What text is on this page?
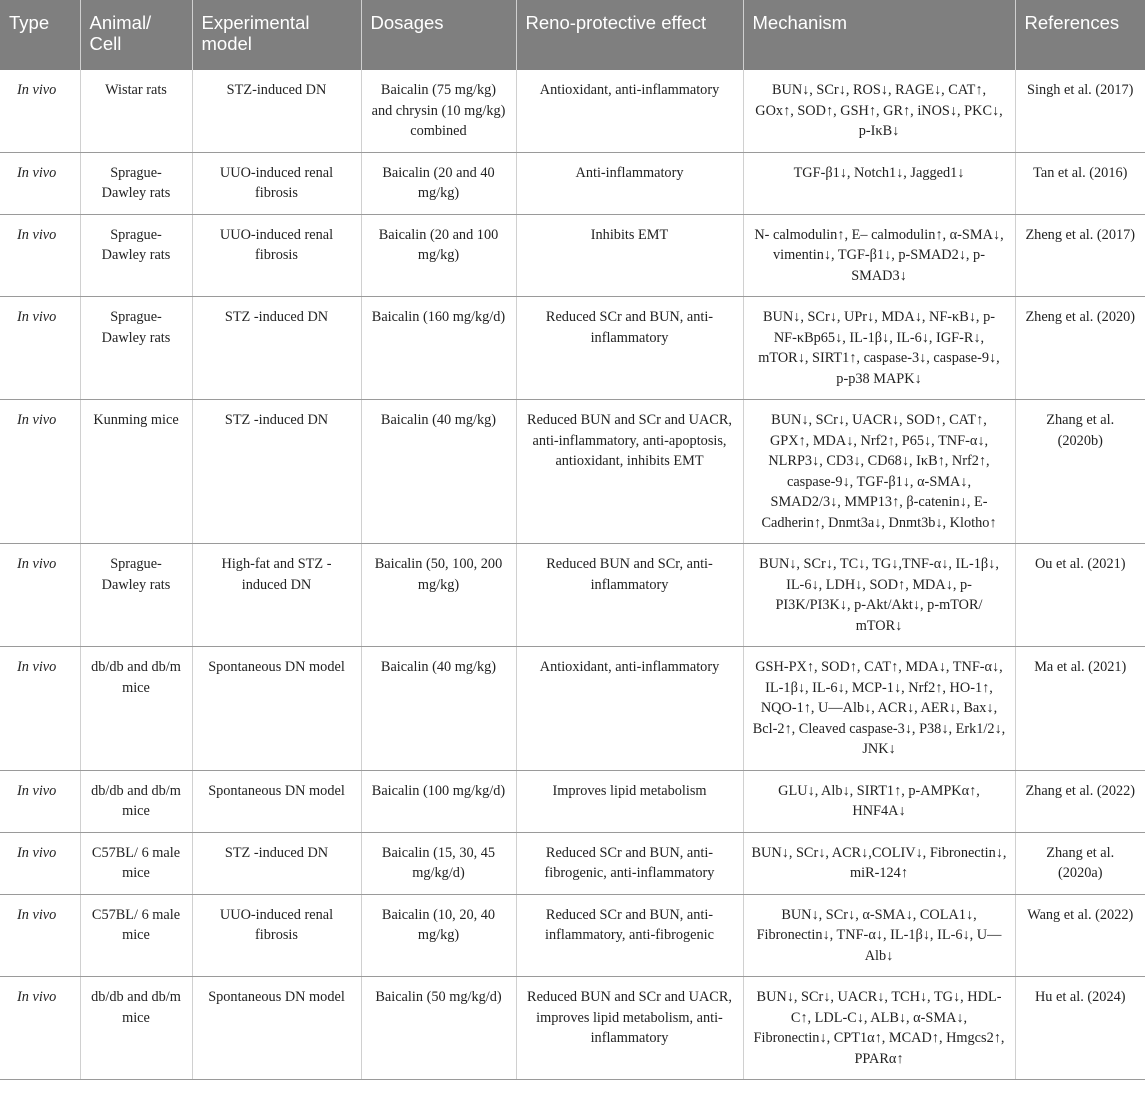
Type	Animal/ Cell	Experimental model	Dosages	Reno-protective effect	Mechanism	References
In vivo	Wistar rats	STZ-induced DN	Baicalin (75 mg/kg) and chrysin (10 mg/kg) combined	Antioxidant, anti-inflammatory	BUN↓, SCr↓, ROS↓, RAGE↓, CAT↑, GOx↑, SOD↑, GSH↑, GR↑, iNOS↓, PKC↓, p-IκB↓	Singh et al. (2017)
In vivo	Sprague-Dawley rats	UUO-induced renal fibrosis	Baicalin (20 and 40 mg/kg)	Anti-inflammatory	TGF-β1↓, Notch1↓, Jagged1↓	Tan et al. (2016)
In vivo	Sprague-Dawley rats	UUO-induced renal fibrosis	Baicalin (20 and 100 mg/kg)	Inhibits EMT	N- calmodulin↑, E– calmodulin↑, α-SMA↓, vimentin↓, TGF-β1↓, p-SMAD2↓, p-SMAD3↓	Zheng et al. (2017)
In vivo	Sprague-Dawley rats	STZ -induced DN	Baicalin (160 mg/kg/d)	Reduced SCr and BUN, anti-inflammatory	BUN↓, SCr↓, UPr↓, MDA↓, NF-κB↓, p-NF-κBp65↓, IL-1β↓, IL-6↓, IGF-R↓, mTOR↓, SIRT1↑, caspase-3↓, caspase-9↓, p-p38 MAPK↓	Zheng et al. (2020)
In vivo	Kunming mice	STZ -induced DN	Baicalin (40 mg/kg)	Reduced BUN and SCr and UACR, anti-inflammatory, anti-apoptosis, antioxidant, inhibits EMT	BUN↓, SCr↓, UACR↓, SOD↑, CAT↑, GPX↑, MDA↓, Nrf2↑, P65↓, TNF-α↓, NLRP3↓, CD3↓, CD68↓, IκB↑, Nrf2↑, caspase-9↓, TGF-β1↓, α-SMA↓, SMAD2/3↓, MMP13↑, β-catenin↓, E-Cadherin↑, Dnmt3a↓, Dnmt3b↓, Klotho↑	Zhang et al. (2020b)
In vivo	Sprague-Dawley rats	High-fat and STZ -induced DN	Baicalin (50, 100, 200 mg/kg)	Reduced BUN and SCr, anti-inflammatory	BUN↓, SCr↓, TC↓, TG↓,TNF-α↓, IL-1β↓, IL-6↓, LDH↓, SOD↑, MDA↓, p-PI3K/PI3K↓, p-Akt/Akt↓, p-mTOR/ mTOR↓	Ou et al. (2021)
In vivo	db/db and db/m mice	Spontaneous DN model	Baicalin (40 mg/kg)	Antioxidant, anti-inflammatory	GSH-PX↑, SOD↑, CAT↑, MDA↓, TNF-α↓, IL-1β↓, IL-6↓, MCP-1↓, Nrf2↑, HO-1↑, NQO-1↑, U—Alb↓, ACR↓, AER↓, Bax↓, Bcl-2↑, Cleaved caspase-3↓, P38↓, Erk1/2↓, JNK↓	Ma et al. (2021)
In vivo	db/db and db/m mice	Spontaneous DN model	Baicalin (100 mg/kg/d)	Improves lipid metabolism	GLU↓, Alb↓, SIRT1↑, p-AMPKα↑, HNF4A↓	Zhang et al. (2022)
In vivo	C57BL/ 6 male mice	STZ -induced DN	Baicalin (15, 30, 45 mg/kg/d)	Reduced SCr and BUN, anti-fibrogenic, anti-inflammatory	BUN↓, SCr↓, ACR↓,COLIV↓, Fibronectin↓, miR-124↑	Zhang et al. (2020a)
In vivo	C57BL/ 6 male mice	UUO-induced renal fibrosis	Baicalin (10, 20, 40 mg/kg)	Reduced SCr and BUN, anti-inflammatory, anti-fibrogenic	BUN↓, SCr↓, α-SMA↓, COLA1↓, Fibronectin↓, TNF-α↓, IL-1β↓, IL-6↓, U—Alb↓	Wang et al. (2022)
In vivo	db/db and db/m mice	Spontaneous DN model	Baicalin (50 mg/kg/d)	Reduced BUN and SCr and UACR, improves lipid metabolism, anti-inflammatory	BUN↓, SCr↓, UACR↓, TCH↓, TG↓, HDL-C↑, LDL-C↓, ALB↓, α-SMA↓, Fibronectin↓, CPT1α↑, MCAD↑, Hmgcs2↑, PPARα↑	Hu et al. (2024)
